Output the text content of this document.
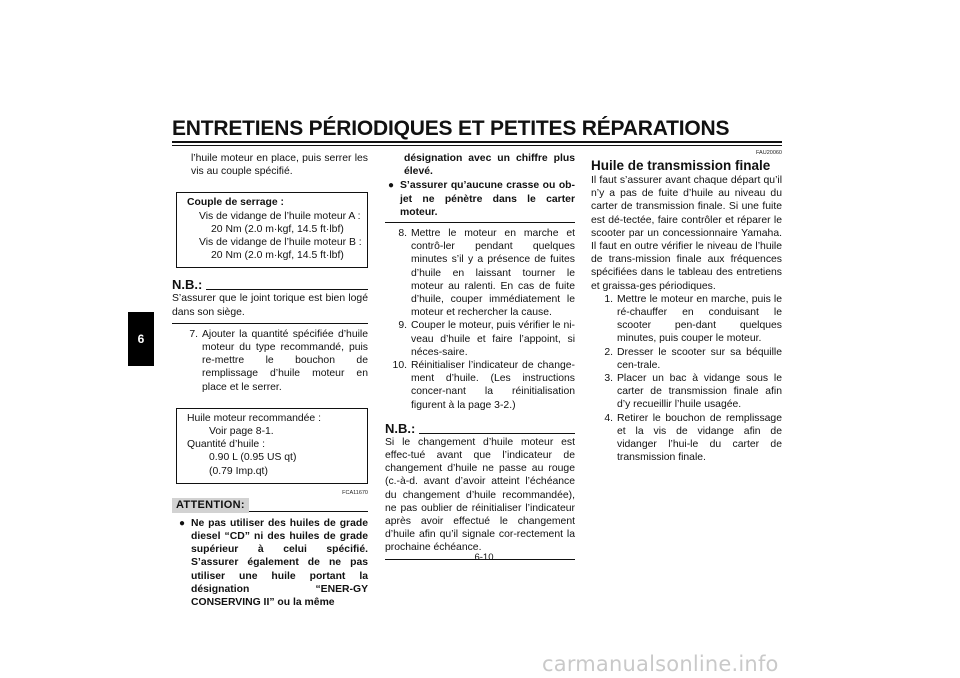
ENTRETIENS PÉRIODIQUES ET PETITES RÉPARATIONS
6

l’huile moteur en place, puis serrer les vis au couple spécifié.

Couple de serrage :
Vis de vidange de l’huile moteur A :
20 Nm (2.0 m·kgf, 14.5 ft·lbf)
Vis de vidange de l’huile moteur B :
20 Nm (2.0 m·kgf, 14.5 ft·lbf)
N.B.:

S’assurer que le joint torique est bien logé dans son siège.

7. Ajouter la quantité spécifiée d’huile moteur du type recommandé, puis re-mettre le bouchon de remplissage d’huile moteur en place et le serrer.
Huile moteur recommandée :
Voir page 8-1.
Quantité d’huile :
0.90 L (0.95 US qt)
(0.79 Imp.qt)
FCA11670
ATTENTION:
● Ne pas utiliser des huiles de grade diesel “CD” ni des huiles de grade supérieur à celui spécifié. S’assurer également de ne pas utiliser une huile portant la désignation “ENER-GY CONSERVING II” ou la même

désignation avec un chiffre plus élevé.

● S’assurer qu’aucune crasse ou ob-jet ne pénètre dans le carter moteur.
8. Mettre le moteur en marche et contrô-ler pendant quelques minutes s’il y a présence de fuites d’huile en laissant tourner le moteur au ralenti. En cas de fuite d’huile, couper immédiatement le moteur et rechercher la cause.
9. Couper le moteur, puis vérifier le ni-veau d’huile et faire l’appoint, si néces-saire.
10. Réinitialiser l’indicateur de change-ment d’huile. (Les instructions concer-nant la réinitialisation figurent à la page 3-2.)
N.B.:

Si le changement d’huile moteur est effec-tué avant que l’indicateur de changement d’huile ne passe au rouge (c.-à-d. avant d’avoir atteint l’échéance du changement d’huile recommandée), ne pas oublier de réinitialiser l’indicateur après avoir effectué le changement d’huile afin qu’il signale cor-rectement la prochaine échéance.

FAU20060
Huile de transmission finale

Il faut s’assurer avant chaque départ qu’il n’y a pas de fuite d’huile au niveau du carter de transmission finale. Si une fuite est dé-tectée, faire contrôler et réparer le scooter par un concessionnaire Yamaha. Il faut en outre vérifier le niveau de l’huile de trans-mission finale aux fréquences spécifiées dans le tableau des entretiens et graissa-ges périodiques.

1. Mettre le moteur en marche, puis le ré-chauffer en conduisant le scooter pen-dant quelques minutes, puis couper le moteur.
2. Dresser le scooter sur sa béquille cen-trale.
3. Placer un bac à vidange sous le carter de transmission finale afin d’y recueillir l’huile usagée.
4. Retirer le bouchon de remplissage et la vis de vidange afin de vidanger l’hui-le du carter de transmission finale.
6-10
carmanualsonline.info
